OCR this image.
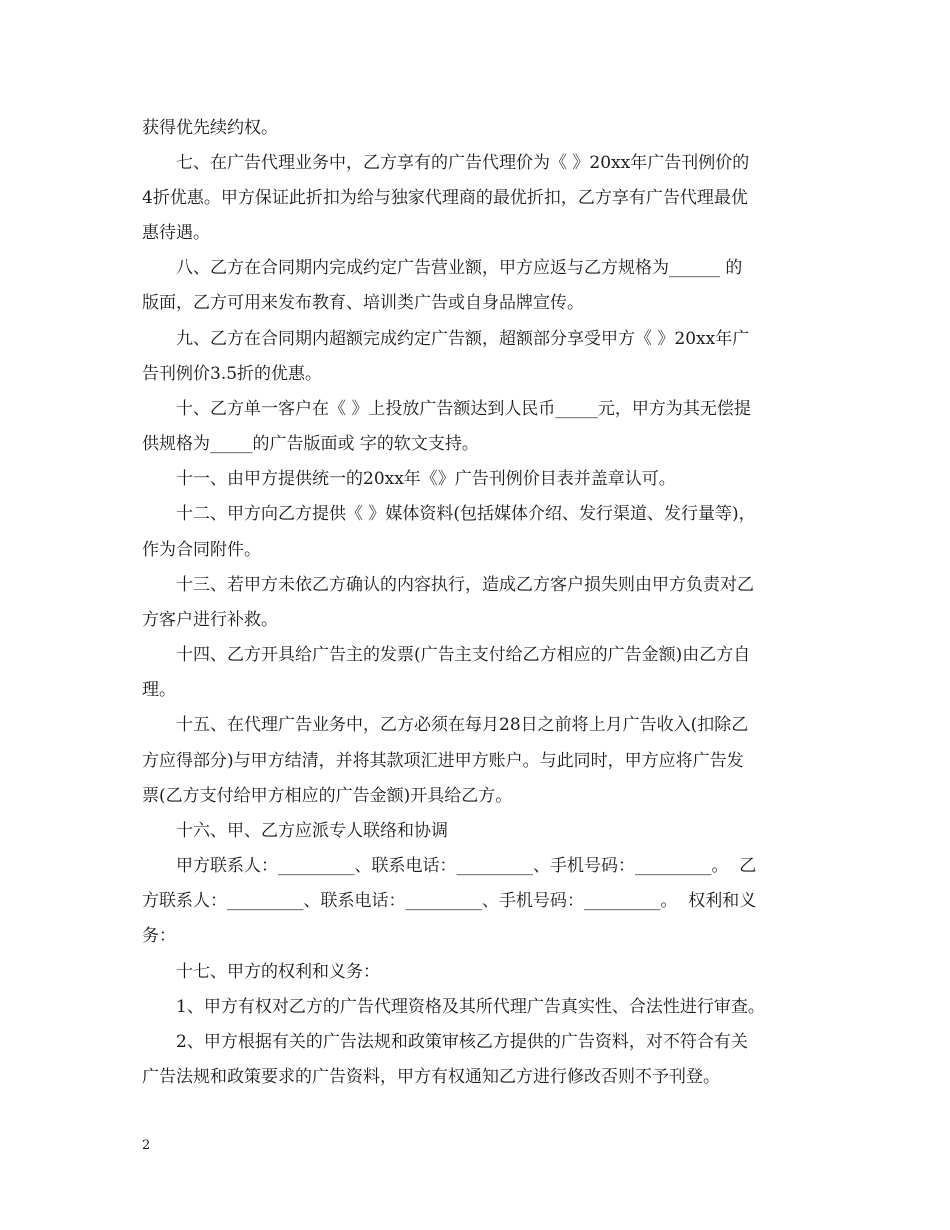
获得优先续约权。
七、在广告代理业务中，乙方享有的广告代理价为《 》20xx年广告刊例价的
4折优惠。甲方保证此折扣为给与独家代理商的最优折扣，乙方享有广告代理最优
惠待遇。
八、乙方在合同期内完成约定广告营业额，甲方应返与乙方规格为______ 的
版面，乙方可用来发布教育、培训类广告或自身品牌宣传。
九、乙方在合同期内超额完成约定广告额，超额部分享受甲方《 》20xx年广
告刊例价3.5折的优惠。
十、乙方单一客户在《 》上投放广告额达到人民币_____元，甲方为其无偿提
供规格为_____的广告版面或 字的软文支持。
十一、由甲方提供统一的20xx年《》广告刊例价目表并盖章认可。
十二、甲方向乙方提供《 》媒体资料(包括媒体介绍、发行渠道、发行量等)，
作为合同附件。
十三、若甲方未依乙方确认的内容执行，造成乙方客户损失则由甲方负责对乙
方客户进行补救。
十四、乙方开具给广告主的发票(广告主支付给乙方相应的广告金额)由乙方自
理。
十五、在代理广告业务中，乙方必须在每月28日之前将上月广告收入(扣除乙
方应得部分)与甲方结清，并将其款项汇进甲方账户。与此同时，甲方应将广告发
票(乙方支付给甲方相应的广告金额)开具给乙方。
十六、甲、乙方应派专人联络和协调
甲方联系人：_________、联系电话：_________、手机号码：_________。  乙
方联系人：_________、联系电话：_________、手机号码：_________。  权利和义
务：
十七、甲方的权利和义务：
1、甲方有权对乙方的广告代理资格及其所代理广告真实性、合法性进行审查。
2、甲方根据有关的广告法规和政策审核乙方提供的广告资料，对不符合有关
广告法规和政策要求的广告资料，甲方有权通知乙方进行修改否则不予刊登。
2
